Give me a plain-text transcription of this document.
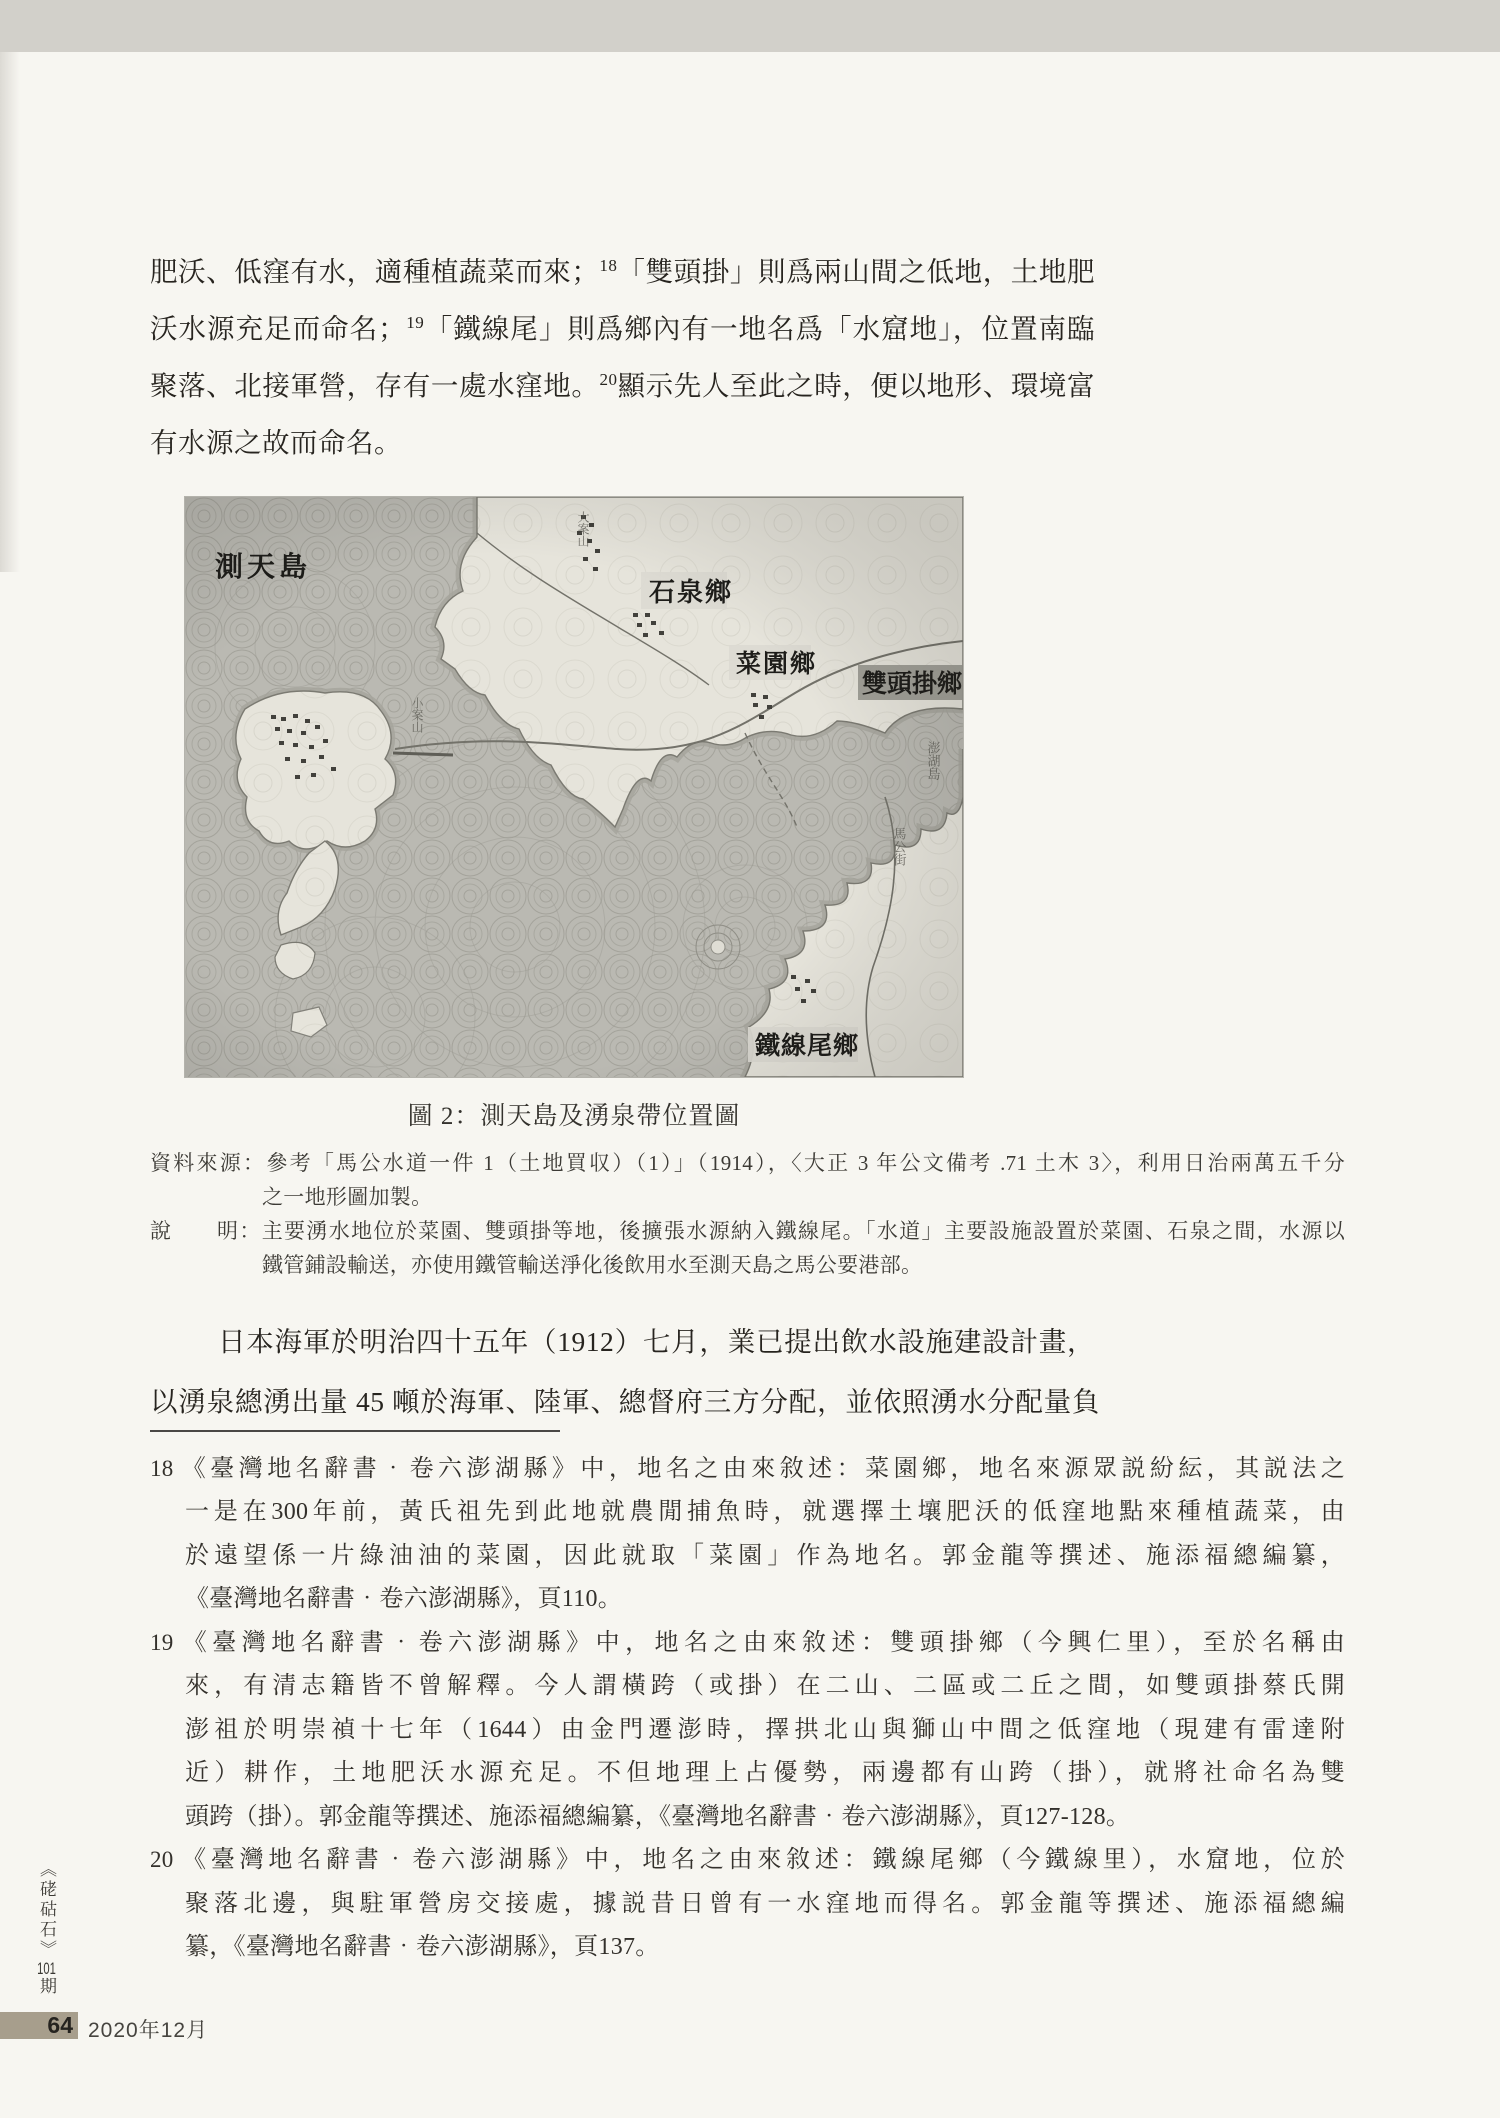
肥沃、低窪有水，適種植蔬菜而來；$^{18}$「雙頭掛」則爲兩山間之低地，土地肥
沃水源充足而命名；$^{19}$「鐵線尾」則爲鄉內有一地名爲「水窟地」，位置南臨
聚落、北接軍營，存有一處水窪地。$^{20}$顯示先人至此之時，便以地形、環境富
有水源之故而命名。
圖 2：測天島及湧泉帶位置圖
資料來源：參考「馬公水道一件 1（土地買収）（1）」（1914），〈大正 3 年公文備考 .71 土木 3〉，利用日治兩萬五千分
之一地形圖加製。
說　　明：主要湧水地位於菜園、雙頭掛等地，後擴張水源納入鐵線尾。「水道」主要設施設置於菜園、石泉之間，水源以
鐵管鋪設輸送，亦使用鐵管輸送淨化後飲用水至測天島之馬公要港部。
日本海軍於明治四十五年（1912）七月，業已提出飲水設施建設計畫，
以湧泉總湧出量 45 噸於海軍、陸軍、總督府三方分配，並依照湧水分配量負
18 《臺灣地名辭書‧卷六澎湖縣》中，地名之由來敘述：菜園鄉，地名來源眾説紛紜，其説法之
一是在300年前，黃氏祖先到此地就農閒捕魚時，就選擇土壤肥沃的低窪地點來種植蔬菜，由
於遠望係一片綠油油的菜園，因此就取「菜園」作為地名。郭金龍等撰述、施添福總編纂，
《臺灣地名辭書‧卷六澎湖縣》，頁110。
19 《臺灣地名辭書‧卷六澎湖縣》中，地名之由來敘述：雙頭掛鄉（今興仁里），至於名稱由
來，有清志籍皆不曾解釋。今人謂橫跨（或掛）在二山、二區或二丘之間，如雙頭掛蔡氏開
澎祖於明崇禎十七年（1644）由金門遷澎時，擇拱北山與獅山中間之低窪地（現建有雷達附
近）耕作，土地肥沃水源充足。不但地理上占優勢，兩邊都有山跨（掛），就將社命名為雙
頭跨（掛）。郭金龍等撰述、施添福總編纂，《臺灣地名辭書‧卷六澎湖縣》，頁127-128。
20 《臺灣地名辭書‧卷六澎湖縣》中，地名之由來敘述：鐵線尾鄉（今鐵線里），水窟地，位於
聚落北邊，與駐軍營房交接處，據説昔日曾有一水窪地而得名。郭金龍等撰述、施添福總編
纂，《臺灣地名辭書‧卷六澎湖縣》，頁137。
《硓𥑮石》101期
64 2020年12月
